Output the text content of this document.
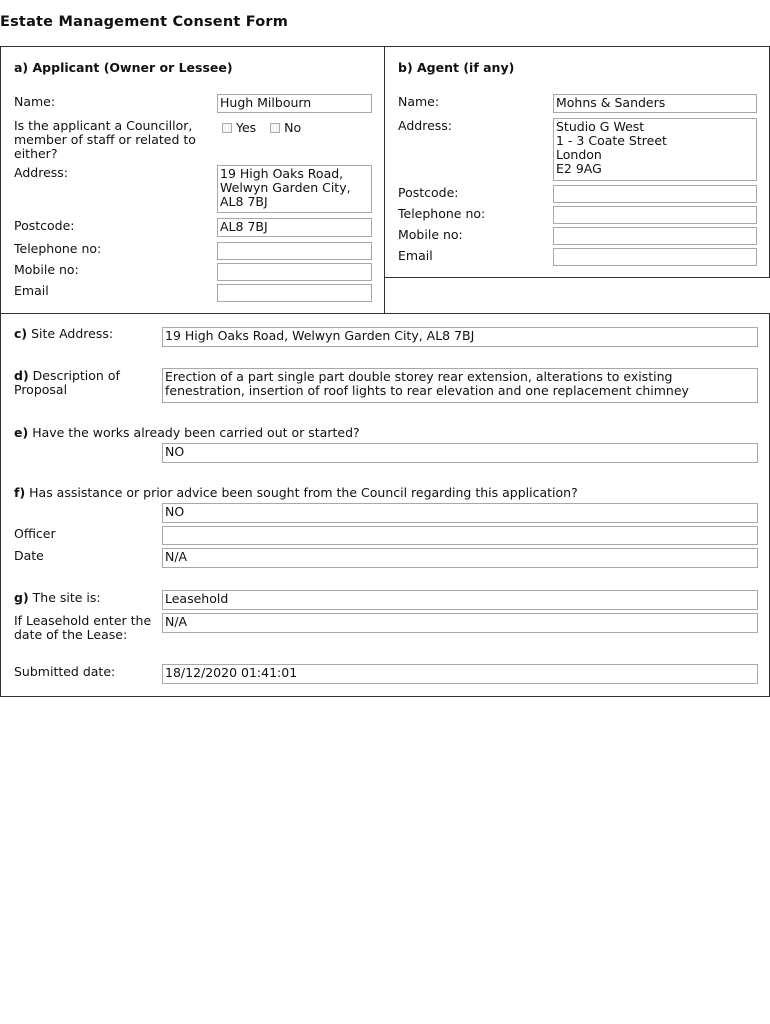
Estate Management Consent Form
a) Applicant (Owner or Lessee)
Name:	Hugh Milbourn
Is the applicant a Councillor, member of staff or related to either?
Yes No
Address:	19 High Oaks Road,
Welwyn Garden City,
AL8 7BJ
Postcode:	AL8 7BJ
Telephone no:
Mobile no:
Email
b) Agent (if any)
Name:	Mohns & Sanders
Address:	Studio G West
1 - 3 Coate Street
London
E2 9AG
Postcode:
Telephone no:
Mobile no:
Email
c) Site Address:	19 High Oaks Road, Welwyn Garden City, AL8 7BJ
d) Description of Proposal
Erection of a part single part double storey rear extension, alterations to existing fenestration, insertion of roof lights to rear elevation and one replacement chimney
e) Have the works already been carried out or started?
NO
f) Has assistance or prior advice been sought from the Council regarding this application?
NO
Officer
Date	N/A
g) The site is:	Leasehold
If Leasehold enter the date of the Lease:
N/A
Submitted date:	18/12/2020 01:41:01
